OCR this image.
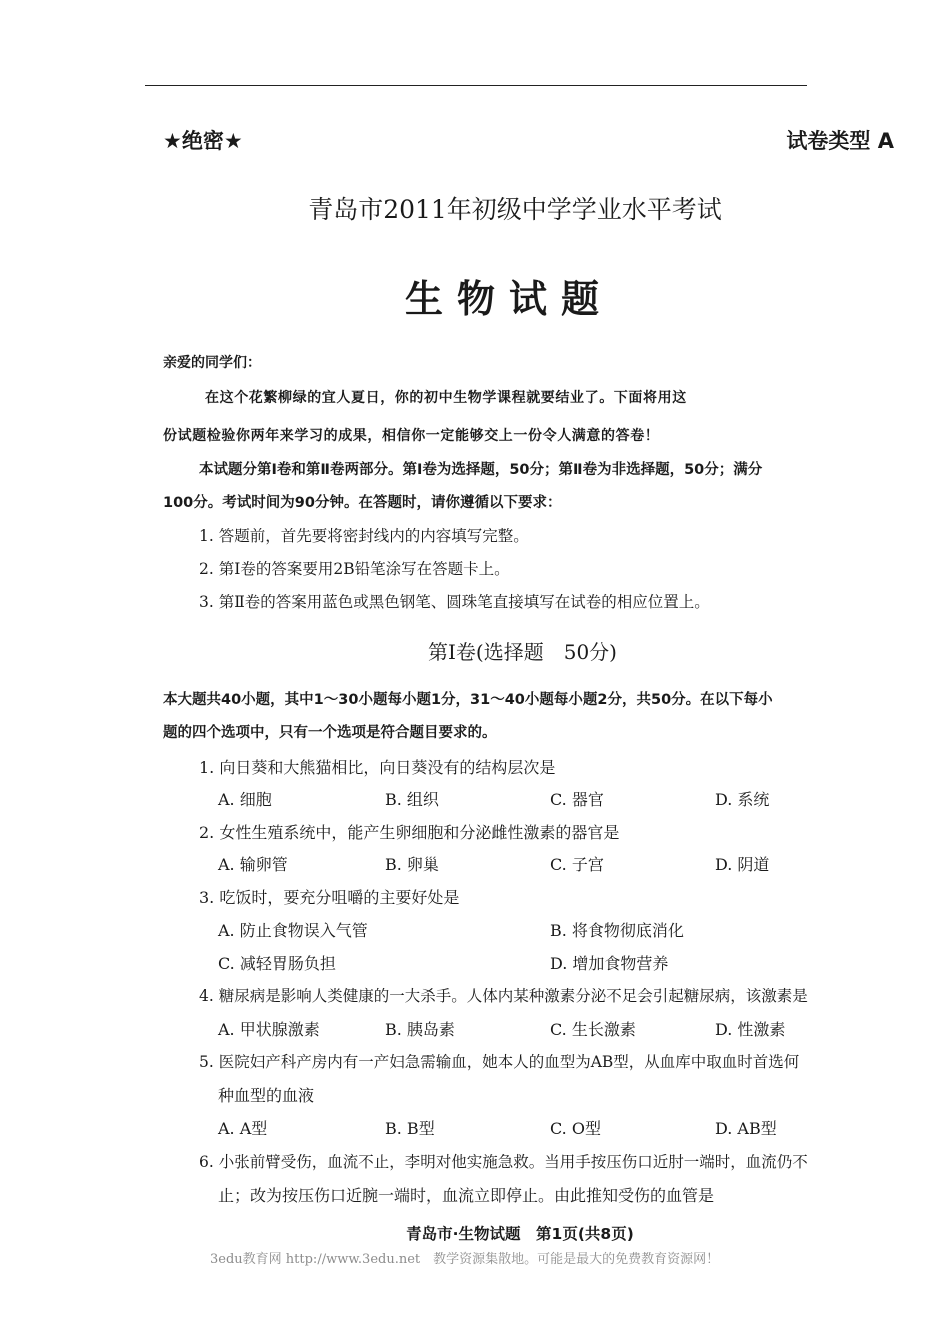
★绝密★	试卷类型 A
青岛市2011年初级中学学业水平考试
生物试题
亲爱的同学们：
在这个花繁柳绿的宜人夏日，你的初中生物学课程就要结业了。下面将用这
份试题检验你两年来学习的成果，相信你一定能够交上一份令人满意的答卷！
本试题分第Ⅰ卷和第Ⅱ卷两部分。第Ⅰ卷为选择题，50分；第Ⅱ卷为非选择题，50分；满分
100分。考试时间为90分钟。在答题时，请你遵循以下要求：
1. 答题前，首先要将密封线内的内容填写完整。
2. 第Ⅰ卷的答案要用2B铅笔涂写在答题卡上。
3. 第Ⅱ卷的答案用蓝色或黑色钢笔、圆珠笔直接填写在试卷的相应位置上。
第Ⅰ卷(选择题　50分)
本大题共40小题，其中1～30小题每小题1分，31～40小题每小题2分，共50分。在以下每小
题的四个选项中，只有一个选项是符合题目要求的。
1. 向日葵和大熊猫相比，向日葵没有的结构层次是
A. 细胞	B. 组织	C. 器官	D. 系统
2. 女性生殖系统中，能产生卵细胞和分泌雌性激素的器官是
A. 输卵管	B. 卵巢	C. 子宫	D. 阴道
3. 吃饭时，要充分咀嚼的主要好处是
A. 防止食物误入气管	B. 将食物彻底消化
C. 减轻胃肠负担	D. 增加食物营养
4. 糖尿病是影响人类健康的一大杀手。人体内某种激素分泌不足会引起糖尿病，该激素是
A. 甲状腺激素	B. 胰岛素	C. 生长激素	D. 性激素
5. 医院妇产科产房内有一产妇急需输血，她本人的血型为AB型，从血库中取血时首选何
种血型的血液
A. A型	B. B型	C. O型	D. AB型
6. 小张前臂受伤，血流不止，李明对他实施急救。当用手按压伤口近肘一端时，血流仍不
止；改为按压伤口近腕一端时，血流立即停止。由此推知受伤的血管是
青岛市·生物试题　第1页(共8页)
3edu教育网 http://www.3edu.net　教学资源集散地。可能是最大的免费教育资源网！
